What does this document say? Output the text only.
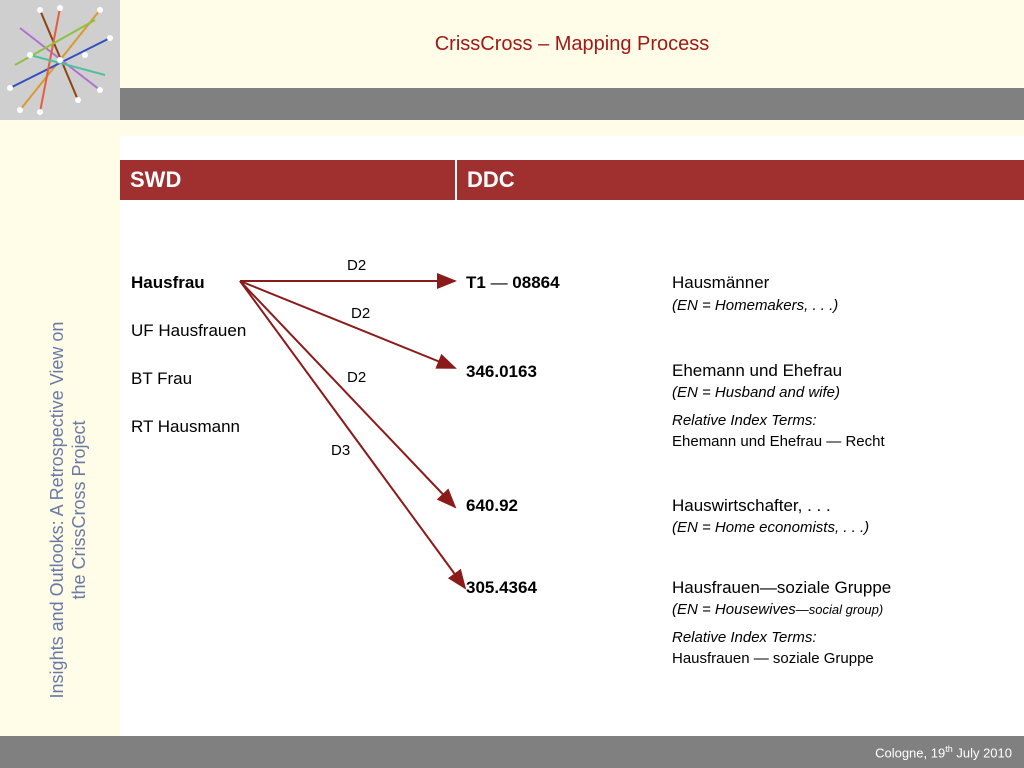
CrissCross – Mapping Process
Insights and Outlooks: A Retrospective View on the CrissCross Project
SWD	DDC
Hausfrau
UF Hausfrauen
BT Frau
RT Hausmann
D2
D2
D2
D3
T1 — 08864
346.0163
640.92
305.4364
Hausmänner
(EN = Homemakers, . . .)
Ehemann und Ehefrau
(EN = Husband and wife)
Relative Index Terms:
Ehemann und Ehefrau — Recht
Hauswirtschafter, . . .
(EN = Home economists, . . .)
Hausfrauen—soziale Gruppe
(EN = Housewives—social group)
Relative Index Terms:
Hausfrauen — soziale Gruppe
Cologne, 19th July 2010
